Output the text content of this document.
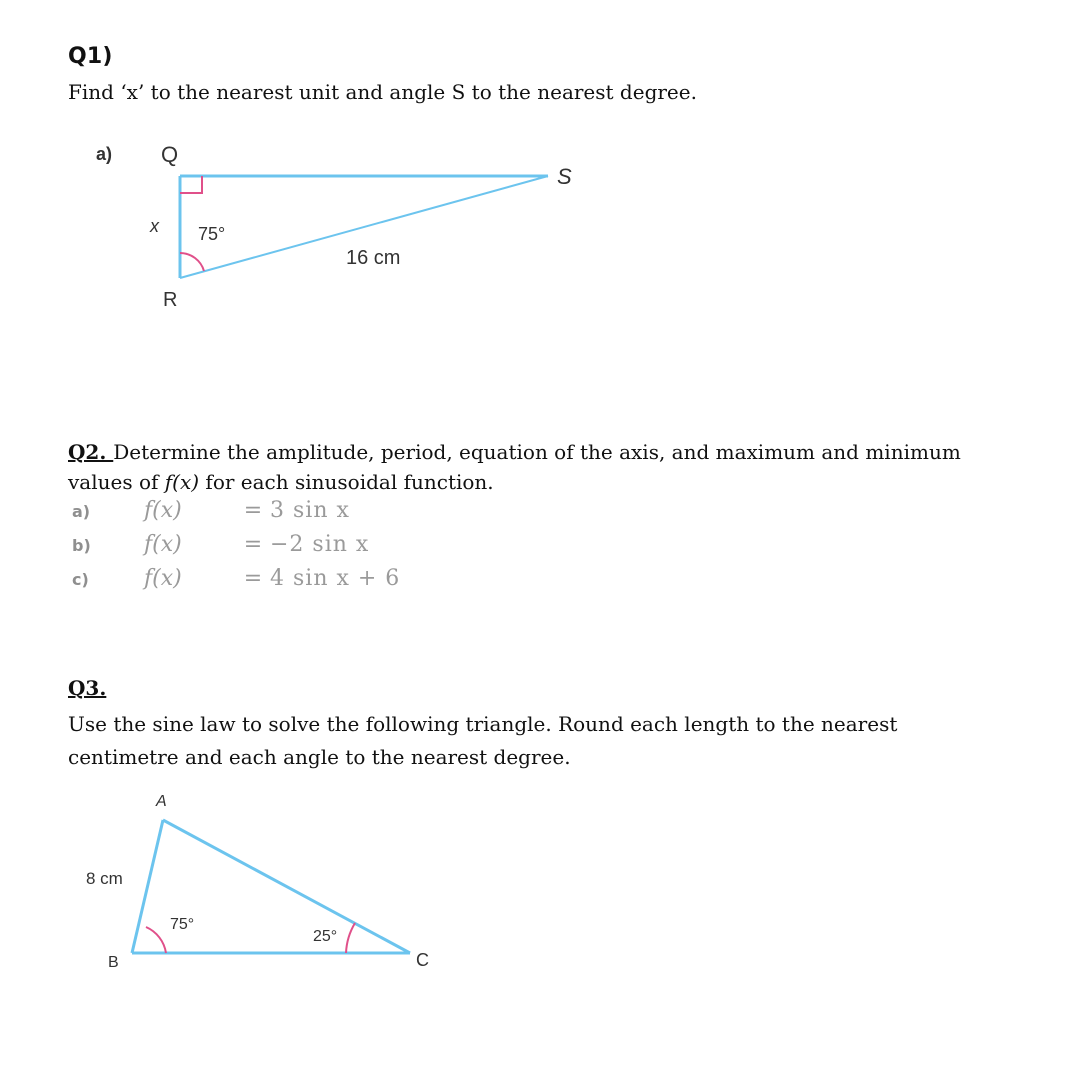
Q1)
Find ‘x’ to the nearest unit and angle S to the nearest degree.
a) Q
S
R
x 75°
16 cm
Q2. Determine the amplitude, period, equation of the axis, and maximum and minimum
values of f(x) for each sinusoidal function.
a) f(x)	= 3 sin x
b) f(x)	= −2 sin x
c)	f(x)	= 4 sin x + 6
Q3.
Use the sine law to solve the following triangle. Round each length to the nearest centimetre and each angle to the nearest degree.
A
B	C
8 cm
75°
25°
